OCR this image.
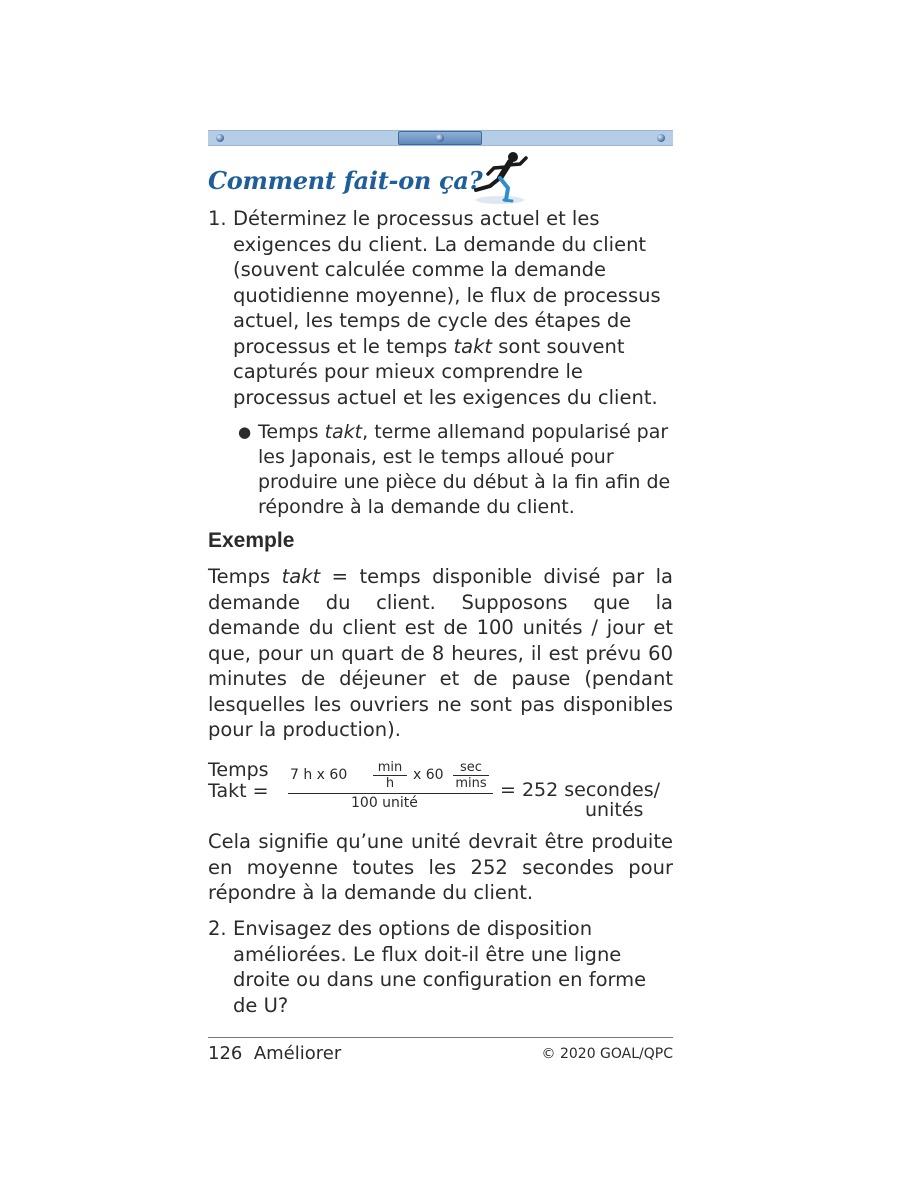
Comment fait-on ça?
1. Déterminez le processus actuel et les exigences du client. La demande du client (souvent calculée comme la demande quotidienne moyenne), le flux de processus actuel, les temps de cycle des étapes de processus et le temps takt sont souvent capturés pour mieux comprendre le processus actuel et les exigences du client.
● Temps takt, terme allemand popularisé par les Japonais, est le temps alloué pour produire une pièce du début à la fin afin de répondre à la demande du client.
Exemple
Temps takt = temps disponible divisé par la demande du client. Supposons que la demande du client est de 100 unités / jour et que, pour un quart de 8 heures, il est prévu 60 minutes de déjeuner et de pause (pendant lesquelles les ouvriers ne sont pas disponibles pour la production).
Temps
Takt =
7 h x 60	min
h
x 60	sec
mins
100 unité
= 252 secondes/
unités
Cela signifie qu’une unité devrait être produite en moyenne toutes les 252 secondes pour répondre à la demande du client.
2. Envisagez des options de disposition améliorées. Le flux doit-il être une ligne droite ou dans une configuration en forme de U?
126 Améliorer	© 2020 GOAL/QPC
